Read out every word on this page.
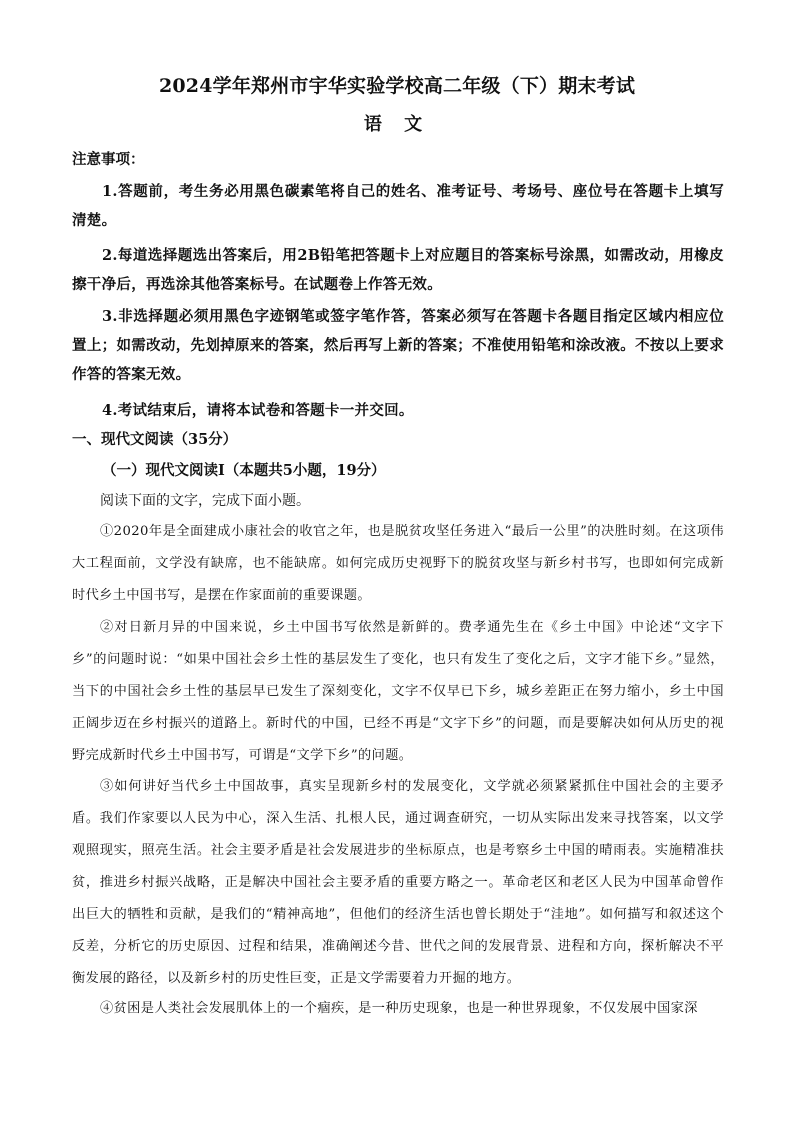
2024学年郑州市宇华实验学校高二年级（下）期末考试
语 文
注意事项：
1.答题前，考生务必用黑色碳素笔将自己的姓名、准考证号、考场号、座位号在答题卡上填写清楚。
2.每道选择题选出答案后，用2B铅笔把答题卡上对应题目的答案标号涂黑，如需改动，用橡皮擦干净后，再选涂其他答案标号。在试题卷上作答无效。
3.非选择题必须用黑色字迹钢笔或签字笔作答，答案必须写在答题卡各题目指定区域内相应位置上；如需改动，先划掉原来的答案，然后再写上新的答案；不准使用铅笔和涂改液。不按以上要求作答的答案无效。
4.考试结束后，请将本试卷和答题卡一并交回。
一、现代文阅读（35分）
（一）现代文阅读Ⅰ（本题共5小题，19分）
阅读下面的文字，完成下面小题。
①2020年是全面建成小康社会的收官之年，也是脱贫攻坚任务进入“最后一公里”的决胜时刻。在这项伟大工程面前，文学没有缺席，也不能缺席。如何完成历史视野下的脱贫攻坚与新乡村书写，也即如何完成新时代乡土中国书写，是摆在作家面前的重要课题。
②对日新月异的中国来说，乡土中国书写依然是新鲜的。费孝通先生在《乡土中国》中论述“文字下乡”的问题时说：“如果中国社会乡土性的基层发生了变化，也只有发生了变化之后，文字才能下乡。”显然，当下的中国社会乡土性的基层早已发生了深刻变化，文字不仅早已下乡，城乡差距正在努力缩小，乡土中国正阔步迈在乡村振兴的道路上。新时代的中国，已经不再是“文字下乡”的问题，而是要解决如何从历史的视野完成新时代乡土中国书写，可谓是“文学下乡”的问题。
③如何讲好当代乡土中国故事，真实呈现新乡村的发展变化，文学就必须紧紧抓住中国社会的主要矛盾。我们作家要以人民为中心，深入生活、扎根人民，通过调查研究，一切从实际出发来寻找答案，以文学观照现实，照亮生活。社会主要矛盾是社会发展进步的坐标原点，也是考察乡土中国的晴雨表。实施精准扶贫，推进乡村振兴战略，正是解决中国社会主要矛盾的重要方略之一。革命老区和老区人民为中国革命曾作出巨大的牺牲和贡献，是我们的“精神高地”，但他们的经济生活也曾长期处于“洼地”。如何描写和叙述这个反差，分析它的历史原因、过程和结果，准确阐述今昔、世代之间的发展背景、进程和方向，探析解决不平衡发展的路径，以及新乡村的历史性巨变，正是文学需要着力开掘的地方。
④贫困是人类社会发展肌体上的一个痼疾，是一种历史现象，也是一种世界现象，不仅发展中国家深
